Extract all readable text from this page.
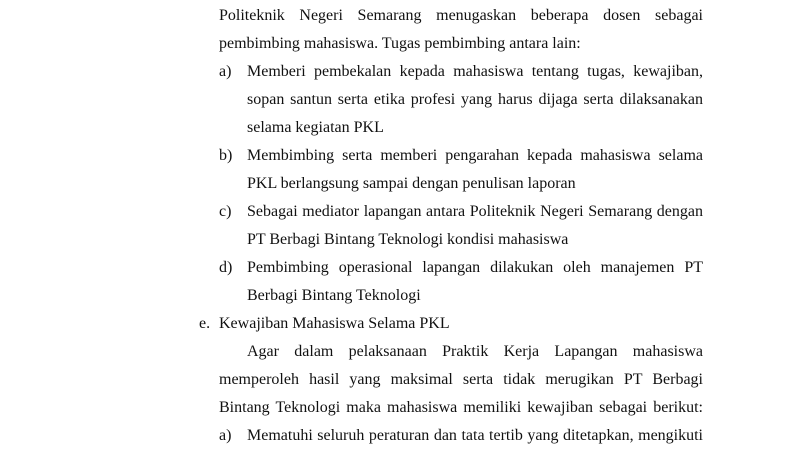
Politeknik Negeri Semarang menugaskan beberapa dosen sebagai
pembimbing mahasiswa. Tugas pembimbing antara lain:
a) Memberi pembekalan kepada mahasiswa tentang tugas, kewajiban,
sopan santun serta etika profesi yang harus dijaga serta dilaksanakan
selama kegiatan PKL
b) Membimbing serta memberi pengarahan kepada mahasiswa selama
PKL berlangsung sampai dengan penulisan laporan
c) Sebagai mediator lapangan antara Politeknik Negeri Semarang dengan
PT Berbagi Bintang Teknologi kondisi mahasiswa
d) Pembimbing operasional lapangan dilakukan oleh manajemen PT
Berbagi Bintang Teknologi
e. Kewajiban Mahasiswa Selama PKL
Agar dalam pelaksanaan Praktik Kerja Lapangan mahasiswa
memperoleh hasil yang maksimal serta tidak merugikan PT Berbagi
Bintang Teknologi maka mahasiswa memiliki kewajiban sebagai berikut:
a) Mematuhi seluruh peraturan dan tata tertib yang ditetapkan, mengikuti
